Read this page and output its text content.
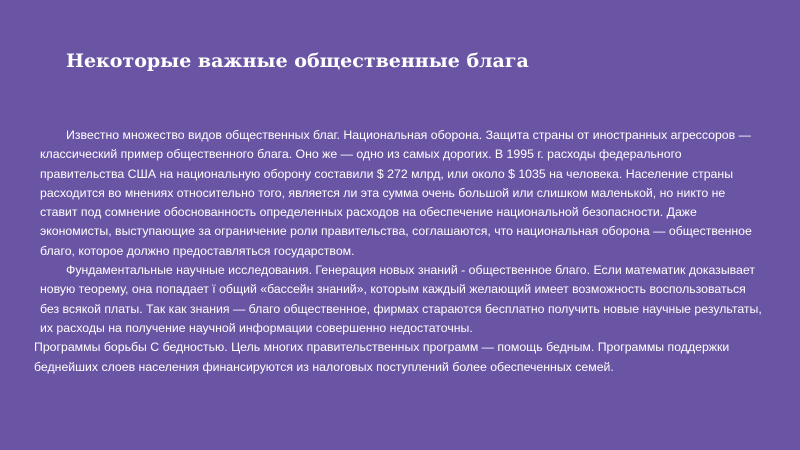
Некоторые важные общественные блага

Известно множество видов общественных благ. Национальная оборона. Защита страны от иностранных агрессоров — классический пример общественного блага. Оно же — одно из самых дорогих. В 1995 г. расходы федерального правительства США на национальную оборону составили $ 272 млрд, или около $ 1035 на человека. Население страны расходится во мнениях относительно того, является ли эта сумма очень большой или слишком маленькой, но никто не ставит под сомнение обоснованность определенных расходов на обеспечение национальной безопасности. Даже экономисты, выступающие за ограничение роли правительства, соглашаются, что национальная оборона — общественное благо, которое должно предоставляться государством.

Фундаментальные научные исследования. Генерация новых знаний - общественное благо. Если математик доказывает новую теорему, она попадает ї общий «бассейн знаний», которым каждый желающий имеет возможность воспользоваться без всякой платы. Так как знания — благо общественное, фирмах стараются бесплатно получить новые научные результаты, их расходы на получение научной информации совершенно недостаточны.

Программы борьбы С бедностью. Цель многих правительственных программ — помощь бедным. Программы поддержки беднейших слоев населения финансируются из налоговых поступлений более обеспеченных семей.
